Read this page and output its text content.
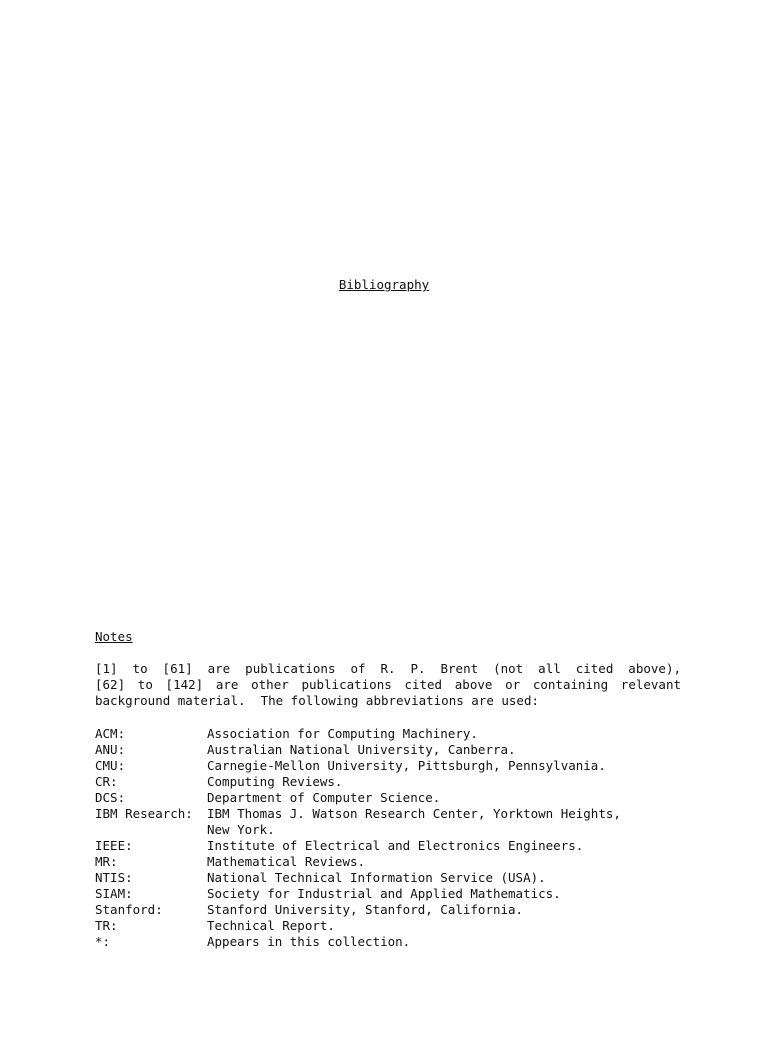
Bibliography
Notes
[1] to [61] are publications of R. P. Brent (not all cited above),
[62] to [142] are other publications cited above or containing relevant
background material.  The following abbreviations are used:
ACM:	Association for Computing Machinery.
ANU:	Australian National University, Canberra.
CMU:	Carnegie-Mellon University, Pittsburgh, Pennsylvania.
CR:	Computing Reviews.
DCS:	Department of Computer Science.
IBM Research:	IBM Thomas J. Watson Research Center, Yorktown Heights,
New York.
IEEE:	Institute of Electrical and Electronics Engineers.
MR:	Mathematical Reviews.
NTIS:	National Technical Information Service (USA).
SIAM:	Society for Industrial and Applied Mathematics.
Stanford:	Stanford University, Stanford, California.
TR:	Technical Report.
*:	Appears in this collection.
